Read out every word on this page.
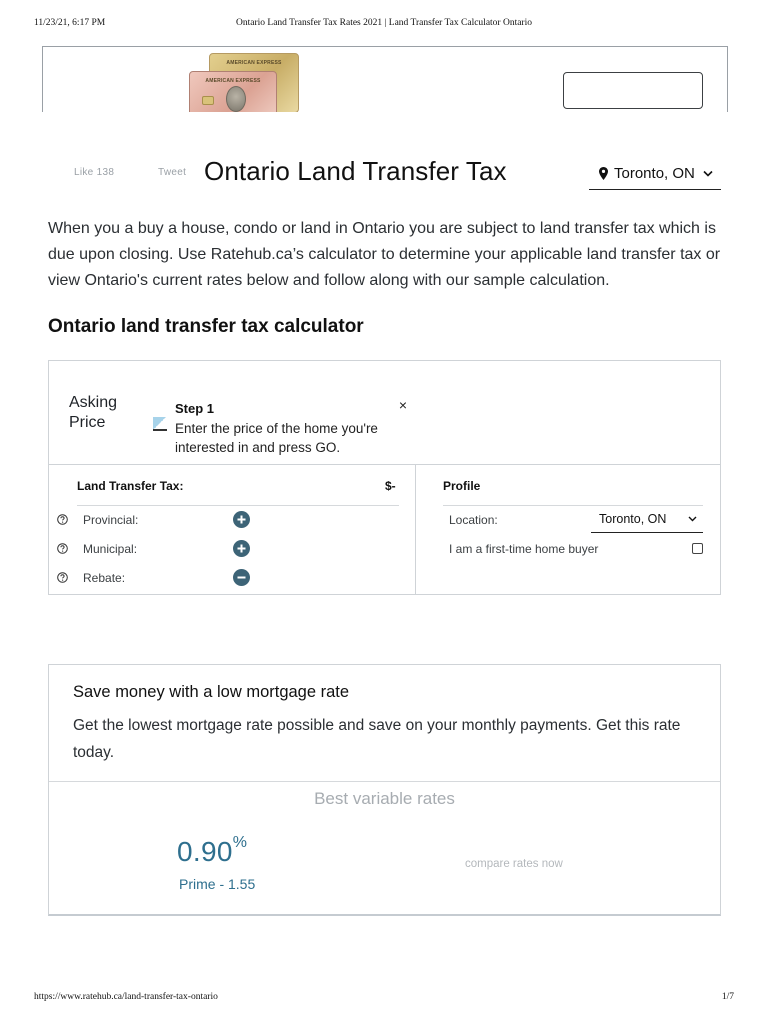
11/23/21, 6:17 PM	Ontario Land Transfer Tax Rates 2021 | Land Transfer Tax Calculator Ontario
AMERICAN EXPRESS
AMERICAN EXPRESS
Like 138	Tweet Ontario Land Transfer Tax	Toronto, ON

When you a buy a house, condo or land in Ontario you are subject to land transfer tax which is due upon closing. Use Ratehub.ca’s calculator to determine your applicable land transfer tax or view Ontario's current rates below and follow along with our sample calculation.

Ontario land transfer tax calculator
Asking Price
Step 1
Enter the price of the home you're interested in and press GO.
×
Land Transfer Tax:	$-
Provincial:
Municipal:
Rebate:
Profile
Location:	Toronto, ON
I am a first-time home buyer
Save money with a low mortgage rate

Get the lowest mortgage rate possible and save on your monthly payments. Get this rate today.

Best variable rates
0.90%
Prime - 1.55
compare rates now
https://www.ratehub.ca/land-transfer-tax-ontario	1/7
